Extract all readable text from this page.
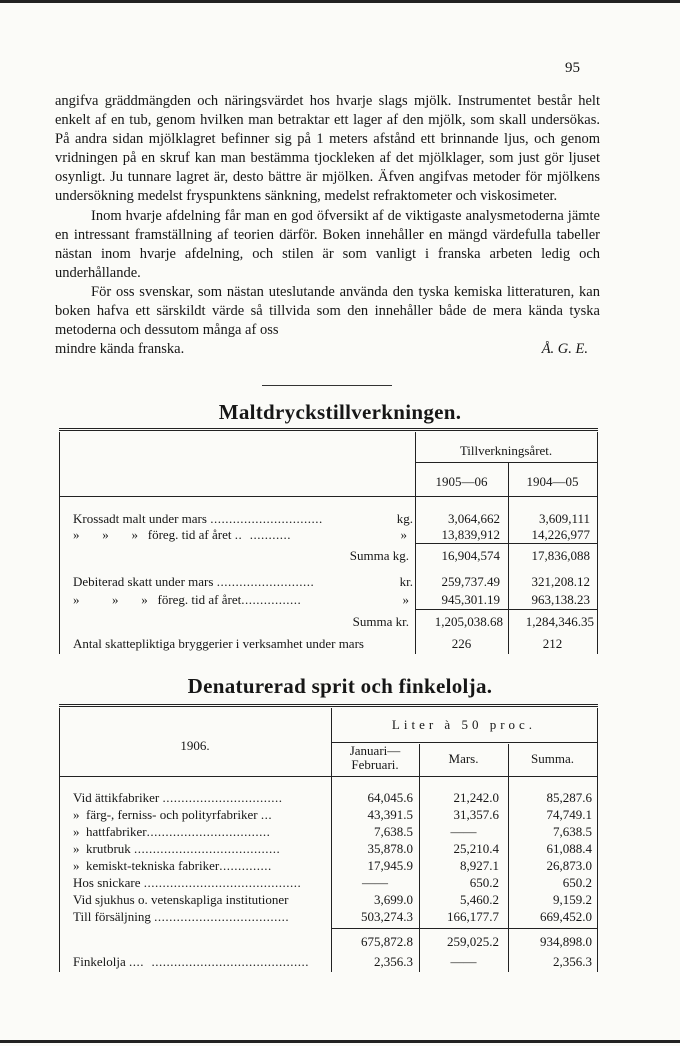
95

angifva gräddmängden och näringsvärdet hos hvarje slags mjölk. Instrumentet består helt enkelt af en tub, genom hvilken man betraktar ett lager af den mjölk, som skall undersökas. På andra sidan mjölklagret befinner sig på 1 meters afstånd ett brinnande ljus, och genom vridningen på en skruf kan man bestämma tjockleken af det mjölklager, som just gör ljuset osynligt. Ju tunnare lagret är, desto bättre är mjölken. Äfven angifvas metoder för mjölkens undersökning medelst fryspunktens sänkning, medelst refraktometer och viskosimeter.

Inom hvarje afdelning får man en god öfversikt af de viktigaste analysmetoderna jämte en intressant framställning af teorien därför. Boken innehåller en mängd värdefulla tabeller nästan inom hvarje afdelning, och stilen är som vanligt i franska arbeten ledig och underhållande.

För oss svenskar, som nästan uteslutande använda den tyska kemiska litteraturen, kan boken hafva ett särskildt värde så tillvida som den innehåller både de mera kända tyska metoderna och dessutom många af oss

mindre kända franska.	Å. G. E.
Maltdryckstillverkningen.
Tillverkningsåret.
1905—06	1904—05
Krossadt malt under mars ..............................	kg.	3,064,662	3,609,111
»       »       »   föreg. tid af året ..  ...........	»	13,839,912	14,226,977
Summa kg.	16,904,574	17,836,088
Debiterad skatt under mars ..........................	kr.	259,737.49	321,208.12
»          »       »   föreg. tid af året................	»	945,301.19	963,138.23
Summa kr.	1,205,038.68	1,284,346.35
Antal skattepliktiga bryggerier i verksamhet under mars	226	212
Denaturerad sprit och finkelolja.
1906.
Liter à 50 proc.
Januari—
Februari.	Mars.	Summa.
Vid ättikfabriker ................................	64,045.6	21,242.0	85,287.6
»  färg-, ferniss- och polityrfabriker ...	43,391.5	31,357.6	74,749.1
»  hattfabriker.................................	7,638.5	——	7,638.5
»  krutbruk .......................................	35,878.0	25,210.4	61,088.4
»  kemiskt-tekniska fabriker..............	17,945.9	8,927.1	26,873.0
Hos snickare ..........................................	——	650.2	650.2
Vid sjukhus o. vetenskapliga institutioner	3,699.0	5,460.2	9,159.2
Till försäljning ....................................	503,274.3	166,177.7	669,452.0
675,872.8	259,025.2	934,898.0
Finkelolja ....  ..........................................	2,356.3	——	2,356.3
